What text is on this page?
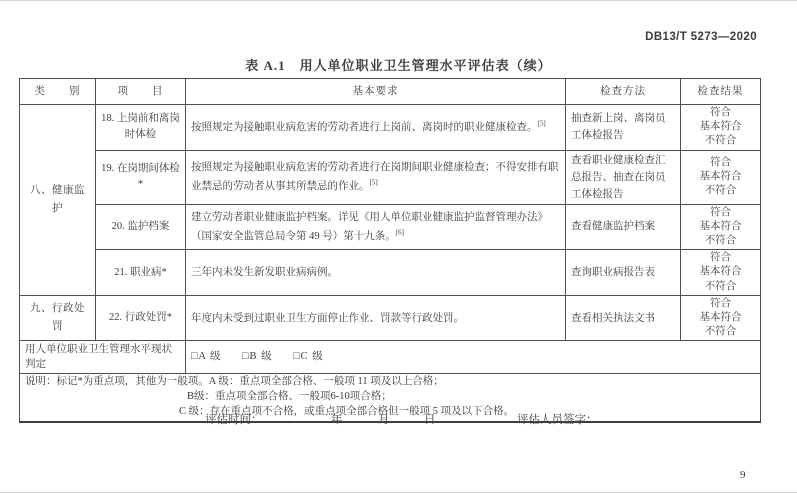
DB13/T 5273—2020
表 A.1　用人单位职业卫生管理水平评估表（续）
类　　别	项　　目	基本要求	检查方法	检查结果
八、健康监护	18. 上岗前和离岗时体检	按照规定为接触职业病危害的劳动者进行上岗前、离岗时的职业健康检查。[5]	抽查新上岗、离岗员工体检报告	符合
基本符合
不符合

	19. 在岗期间体检*	按照规定为接触职业病危害的劳动者进行在岗期间职业健康检查；不得安排有职业禁忌的劳动者从事其所禁忌的作业。[5]	查看职业健康检查汇总报告、抽查在岗员工体检报告	符合
基本符合
不符合

	20. 监护档案	建立劳动者职业健康监护档案。详见《用人单位职业健康监护监督管理办法》（国家安全监管总局令第 49 号）第十九条。[6]	查看健康监护档案	符合
基本符合
不符合

	21. 职业病*	三年内未发生新发职业病病例。	查询职业病报告表	符合
基本符合
不符合

九、行政处罚	22. 行政处罚*	年度内未受到过职业卫生方面停止作业、罚款等行政处罚。	查看相关执法文书	符合
基本符合
不符合

用人单位职业卫生管理水平现状判定		□A 级 □B 级 □C 级		

说明：标记*为重点项，其他为一般项。A 级：重点项全部合格、一般项 11 项及以上合格；
B级：重点项全部合格、一般项6-10项合格；
C 级：存在重点项不合格，或重点项全部合格但一般项 5 项及以下合格。				
评估时间：	年	月	日	评估人员签字：
9
